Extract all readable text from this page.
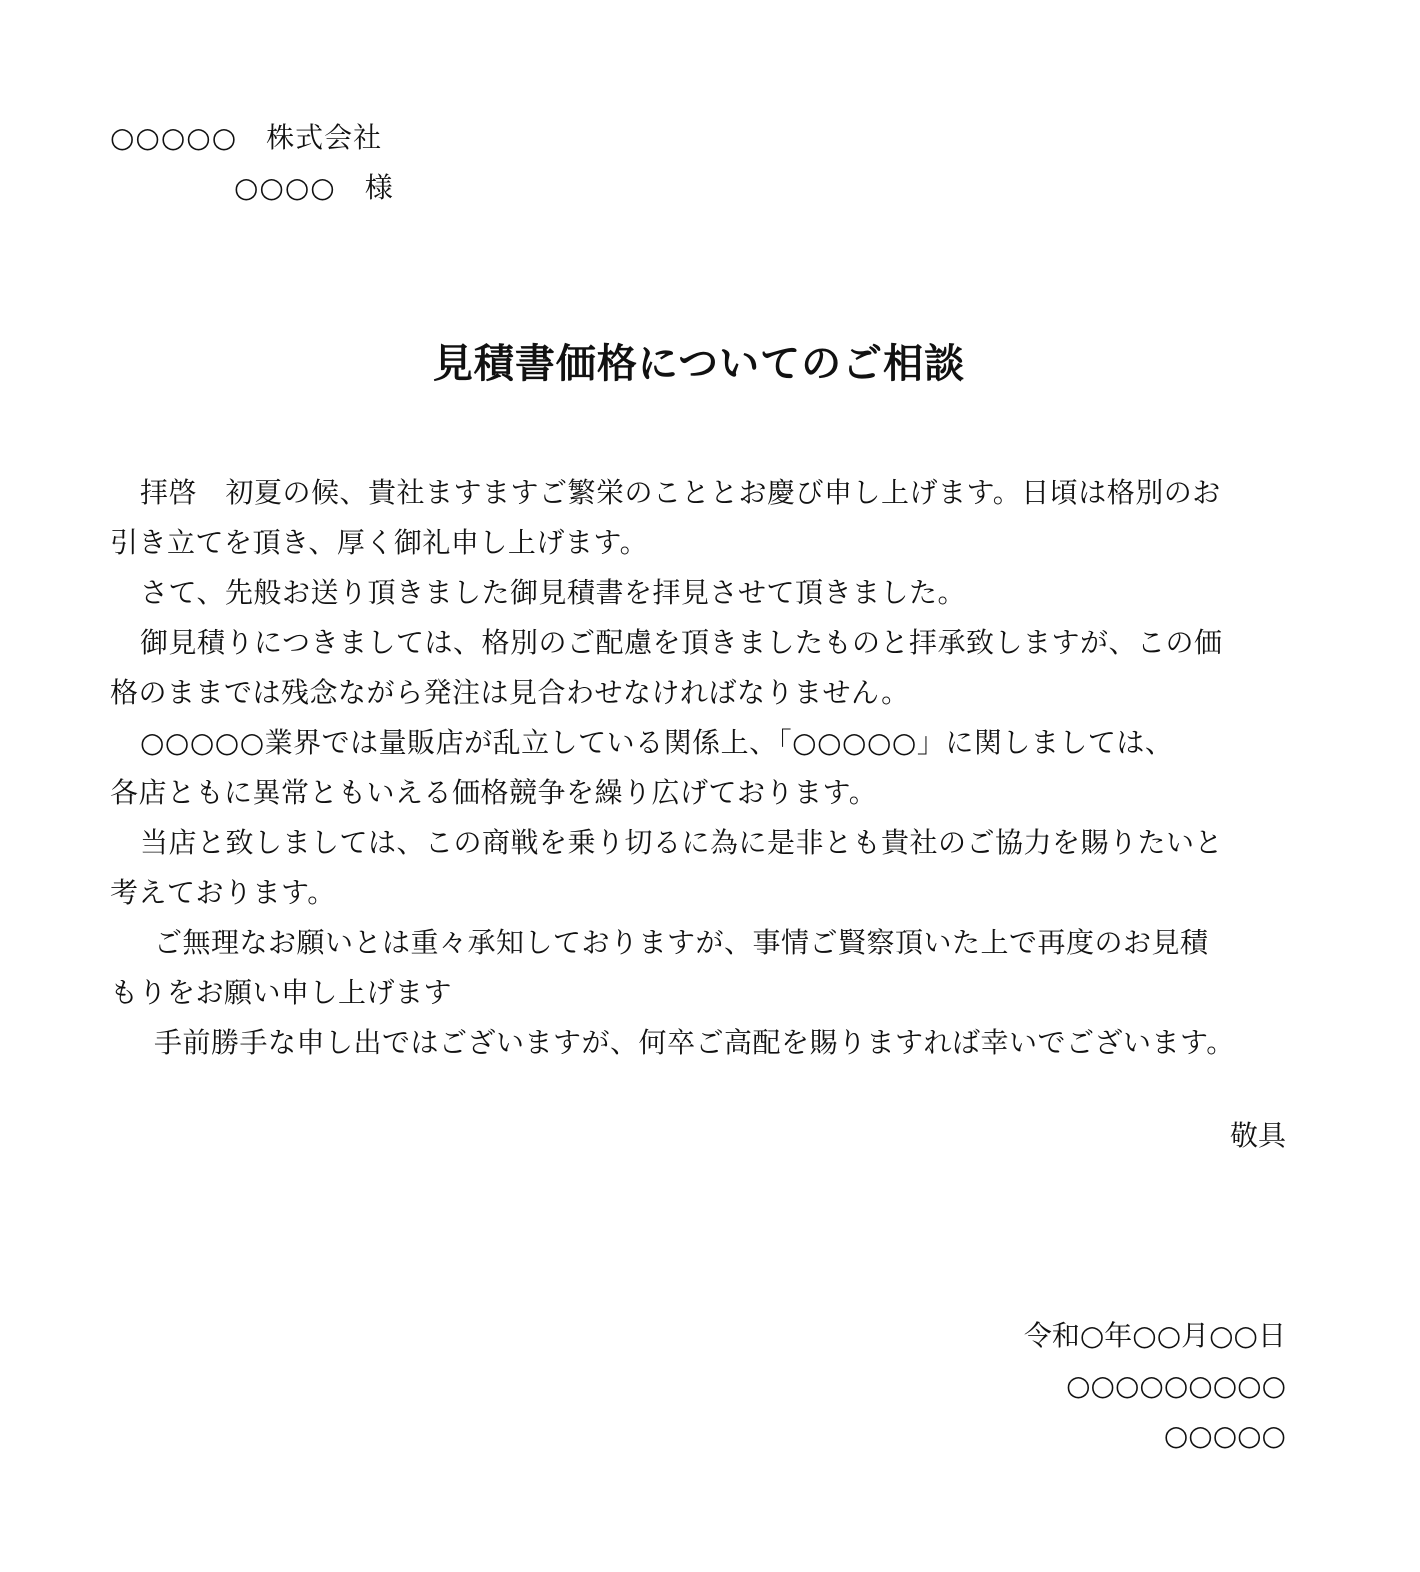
○○○○○　株式会社
○○○○　様
見積書価格についてのご相談

拝啓　初夏の候、貴社ますますご繁栄のこととお慶び申し上げます。日頃は格別のお

引き立てを頂き、厚く御礼申し上げます。

さて、先般お送り頂きました御見積書を拝見させて頂きました。

御見積りにつきましては、格別のご配慮を頂きましたものと拝承致しますが、この価

格のままでは残念ながら発注は見合わせなければなりません。

○○○○○業界では量販店が乱立している関係上、「○○○○○」に関しましては、

各店ともに異常ともいえる価格競争を繰り広げております。

当店と致しましては、この商戦を乗り切るに為に是非とも貴社のご協力を賜りたいと

考えております。

ご無理なお願いとは重々承知しておりますが、事情ご賢察頂いた上で再度のお見積

もりをお願い申し上げます

手前勝手な申し出ではございますが、何卒ご高配を賜りますれば幸いでございます。

敬具
令和○年○○月○○日
○○○○○○○○○
○○○○○
